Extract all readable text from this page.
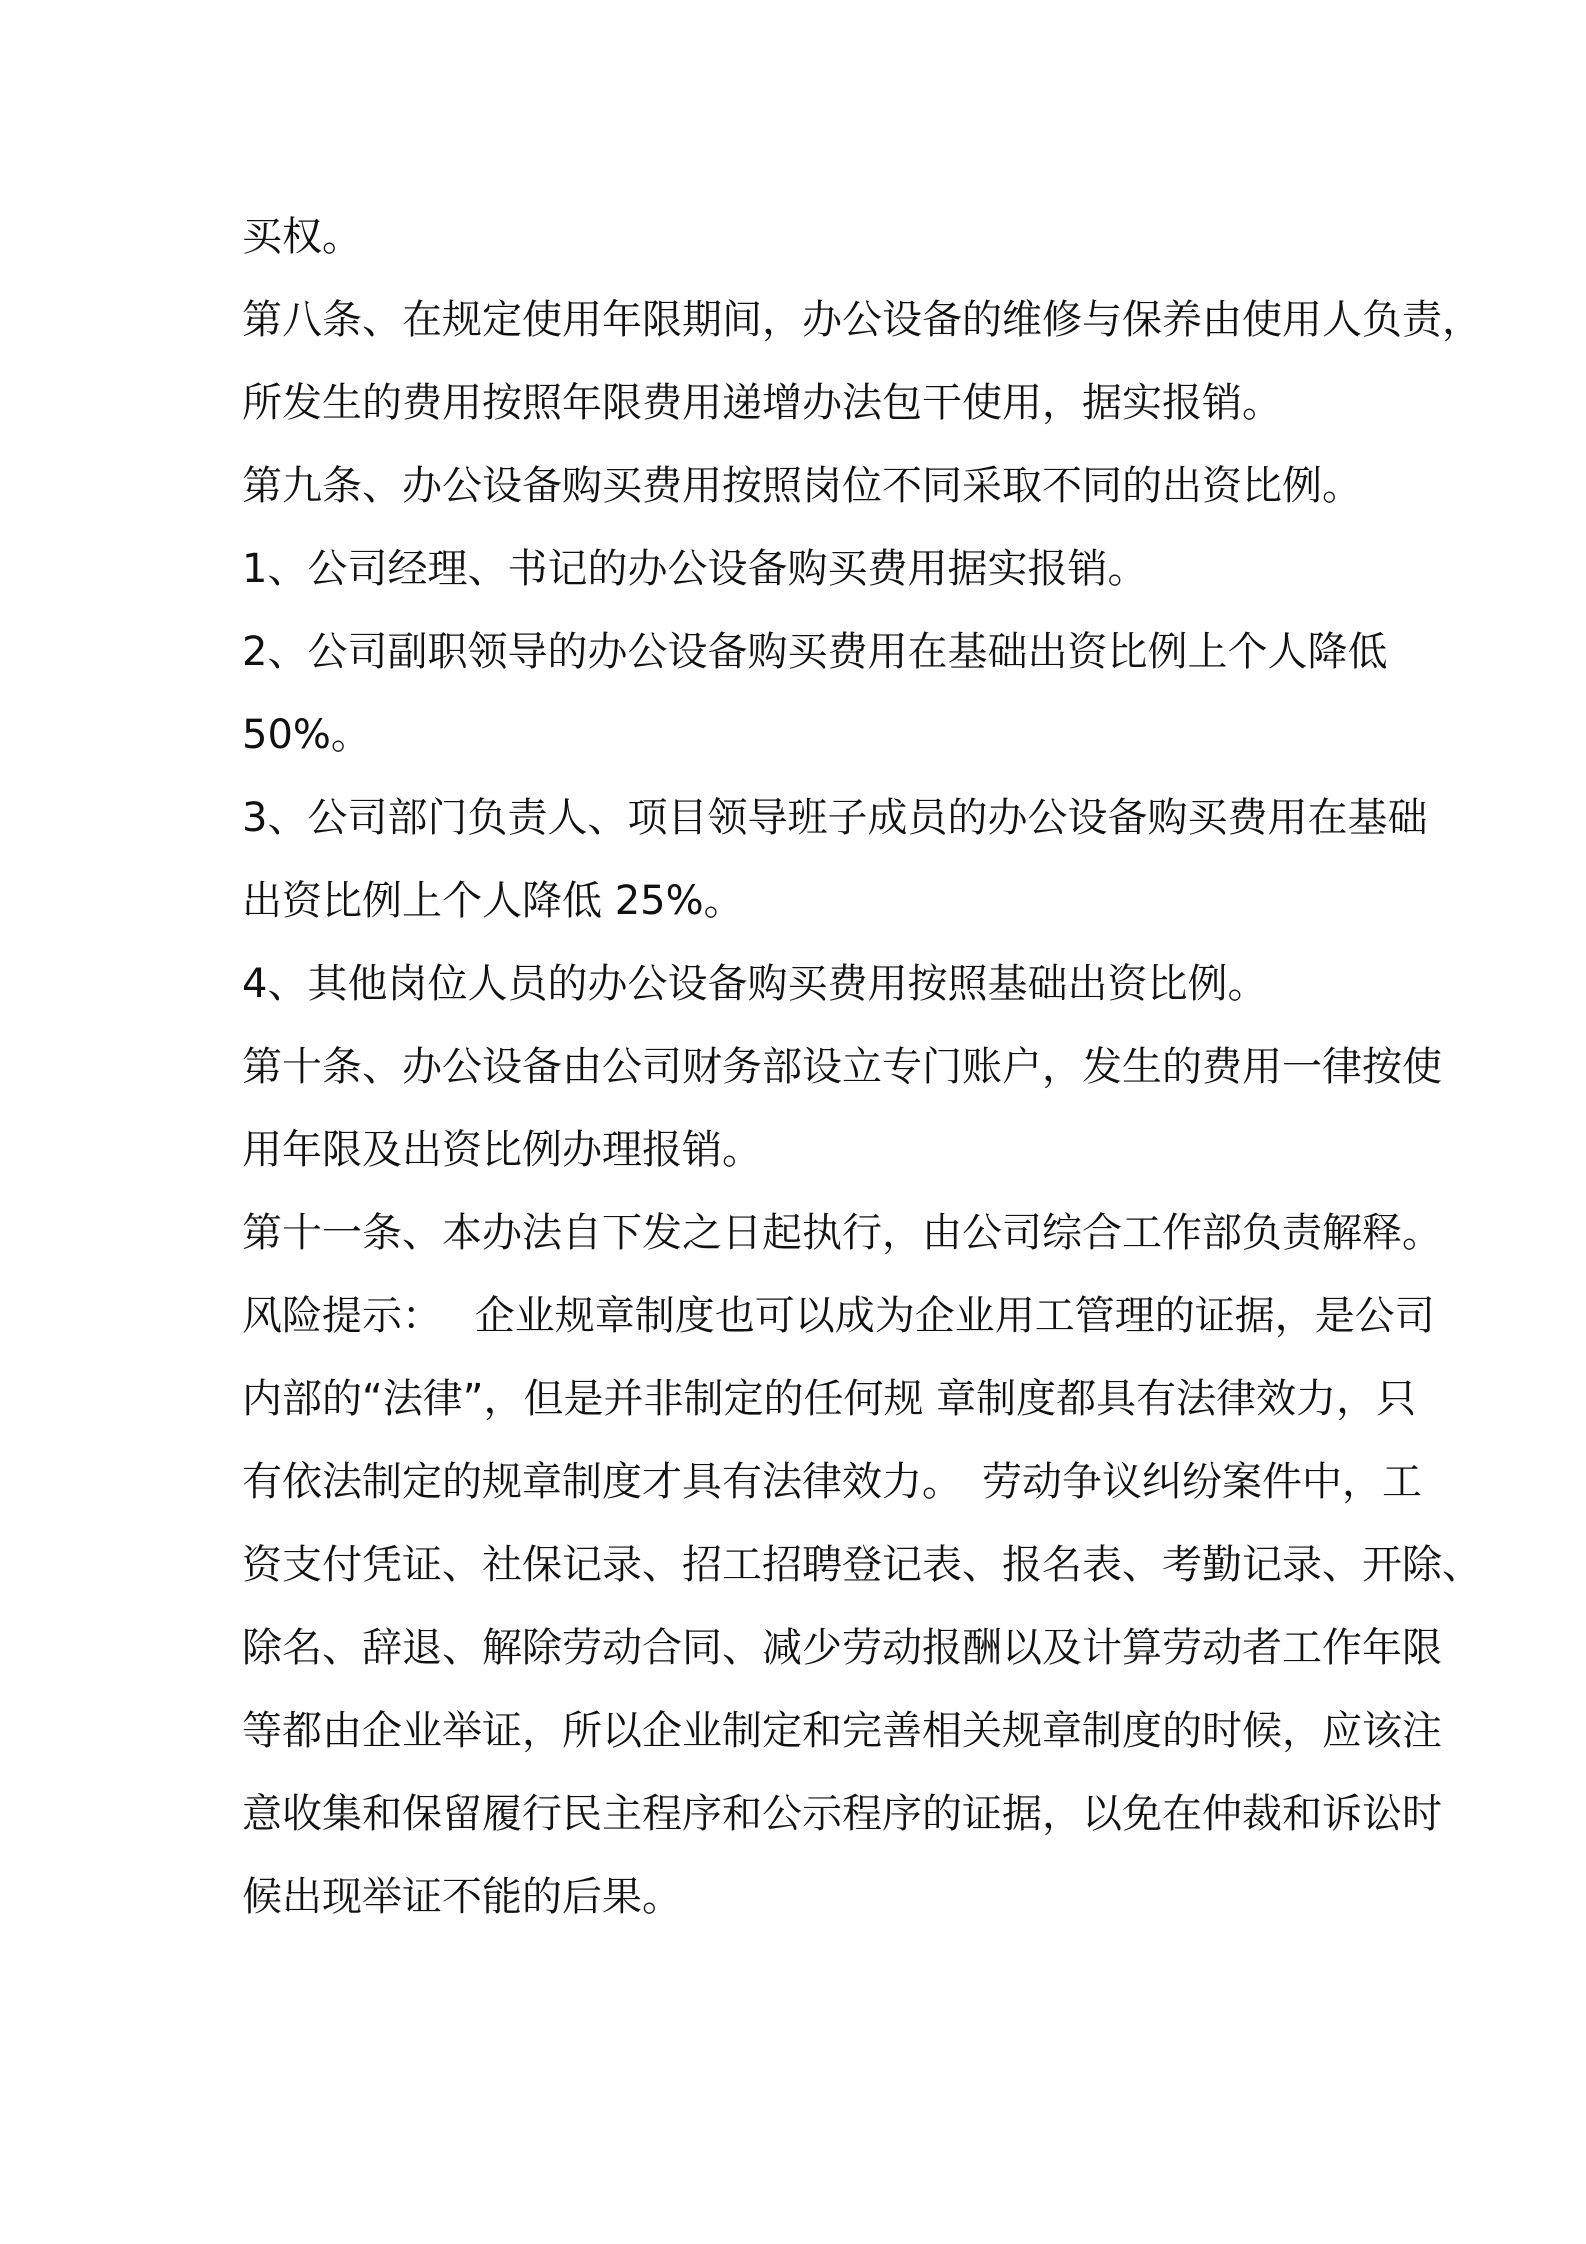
买权。
第八条、在规定使用年限期间，办公设备的维修与保养由使用人负责，
所发生的费用按照年限费用递增办法包干使用，据实报销。
第九条、办公设备购买费用按照岗位不同采取不同的出资比例。
1、公司经理、书记的办公设备购买费用据实报销。
2、公司副职领导的办公设备购买费用在基础出资比例上个人降低
50%。
3、公司部门负责人、项目领导班子成员的办公设备购买费用在基础
出资比例上个人降低 25%。
4、其他岗位人员的办公设备购买费用按照基础出资比例。
第十条、办公设备由公司财务部设立专门账户，发生的费用一律按使
用年限及出资比例办理报销。
第十一条、本办法自下发之日起执行，由公司综合工作部负责解释。
风险提示：　 企业规章制度也可以成为企业用工管理的证据，是公司
内部的“法律”，但是并非制定的任何规 章制度都具有法律效力，只
有依法制定的规章制度才具有法律效力。　劳动争议纠纷案件中，工
资支付凭证、社保记录、招工招聘登记表、报名表、考勤记录、开除、
除名、辞退、解除劳动合同、减少劳动报酬以及计算劳动者工作年限
等都由企业举证，所以企业制定和完善相关规章制度的时候，应该注
意收集和保留履行民主程序和公示程序的证据，以免在仲裁和诉讼时
候出现举证不能的后果。
